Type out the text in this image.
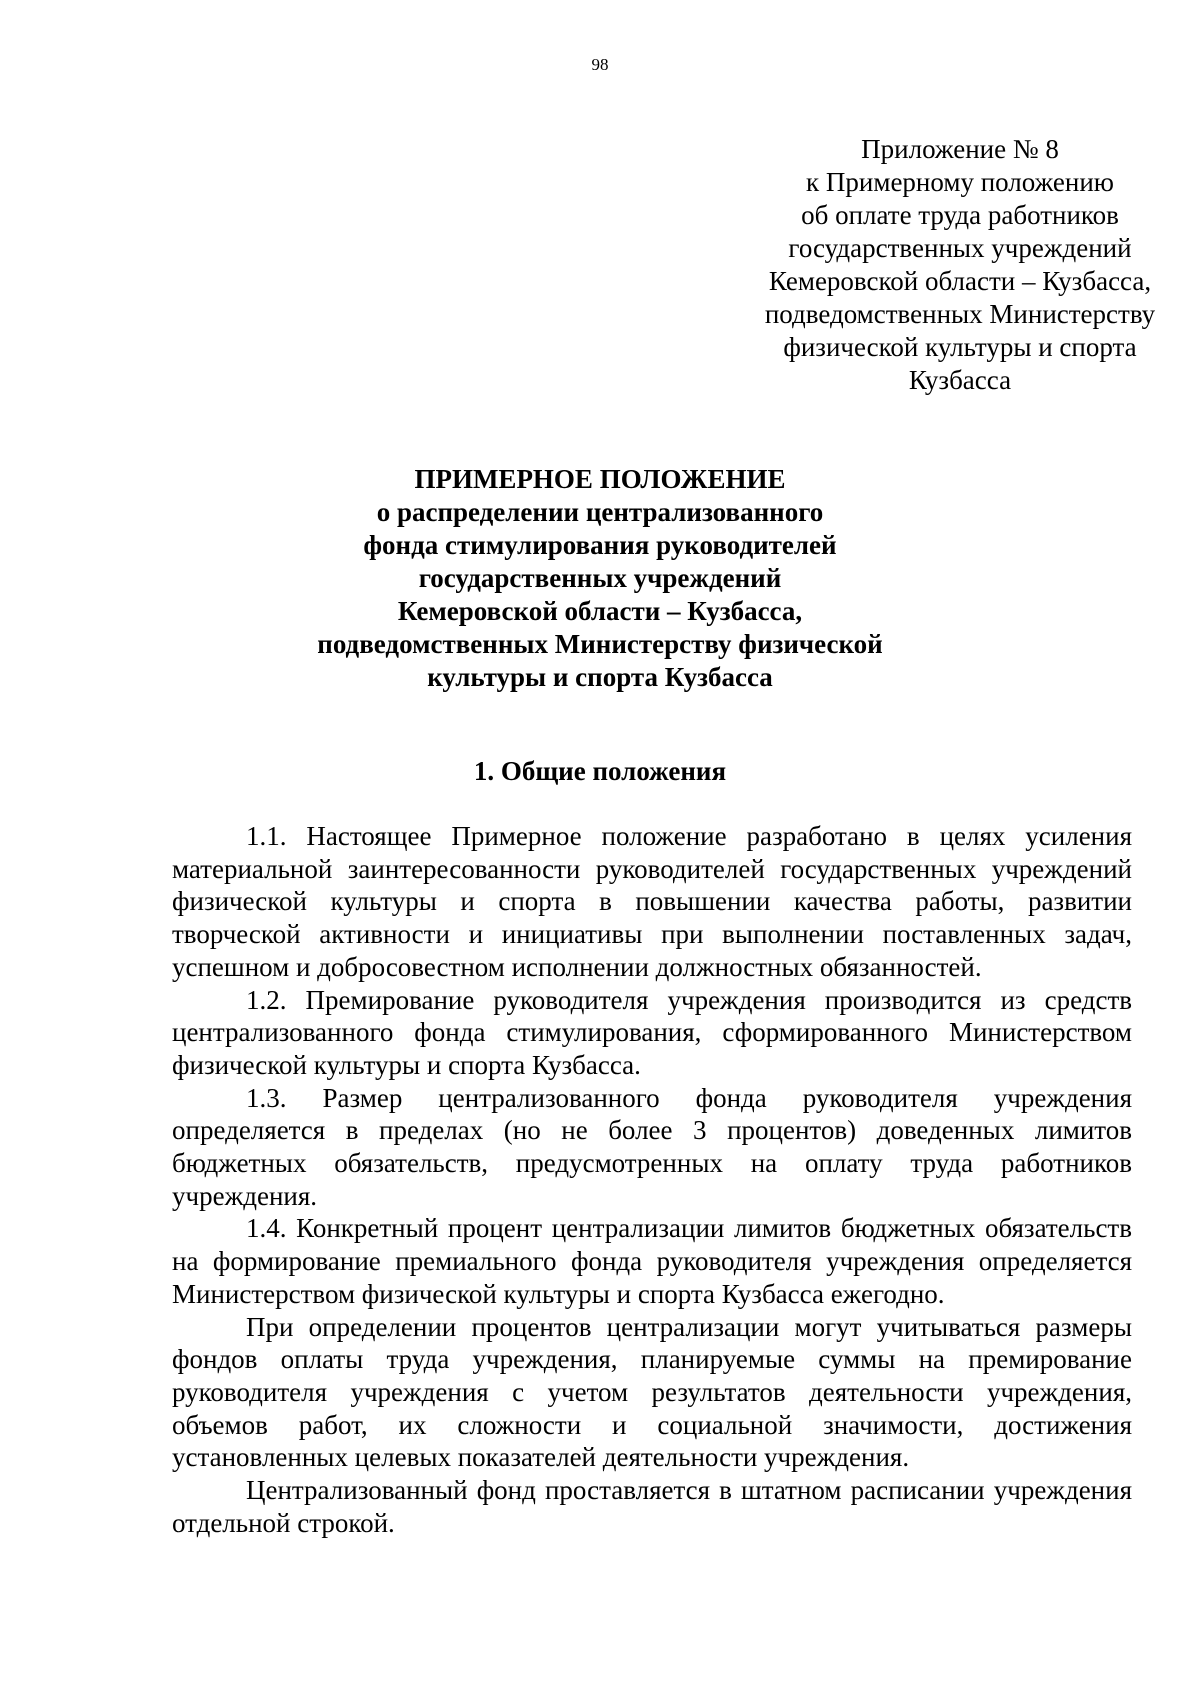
98
Приложение № 8
к Примерному положению
об оплате труда работников
государственных учреждений
Кемеровской области – Кузбасса,
подведомственных Министерству
физической культуры и спорта
Кузбасса
ПРИМЕРНОЕ ПОЛОЖЕНИЕ
о распределении централизованного
фонда стимулирования руководителей
государственных учреждений
Кемеровской области – Кузбасса,
подведомственных Министерству физической
культуры и спорта Кузбасса
1. Общие положения

1.1. Настоящее Примерное положение разработано в целях усиления материальной заинтересованности руководителей государственных учреждений физической культуры и спорта в повышении качества работы, развитии творческой активности и инициативы при выполнении поставленных задач, успешном и добросовестном исполнении должностных обязанностей.

1.2. Премирование руководителя учреждения производится из средств централизованного фонда стимулирования, сформированного Министерством физической культуры и спорта Кузбасса.

1.3. Размер централизованного фонда руководителя учреждения определяется в пределах (но не более 3 процентов) доведенных лимитов бюджетных обязательств, предусмотренных на оплату труда работников учреждения.

1.4. Конкретный процент централизации лимитов бюджетных обязательств на формирование премиального фонда руководителя учреждения определяется Министерством физической культуры и спорта Кузбасса ежегодно.

При определении процентов централизации могут учитываться размеры фондов оплаты труда учреждения, планируемые суммы на премирование руководителя учреждения с учетом результатов деятельности учреждения, объемов работ, их сложности и социальной значимости, достижения установленных целевых показателей деятельности учреждения.

Централизованный фонд проставляется в штатном расписании учреждения отдельной строкой.
